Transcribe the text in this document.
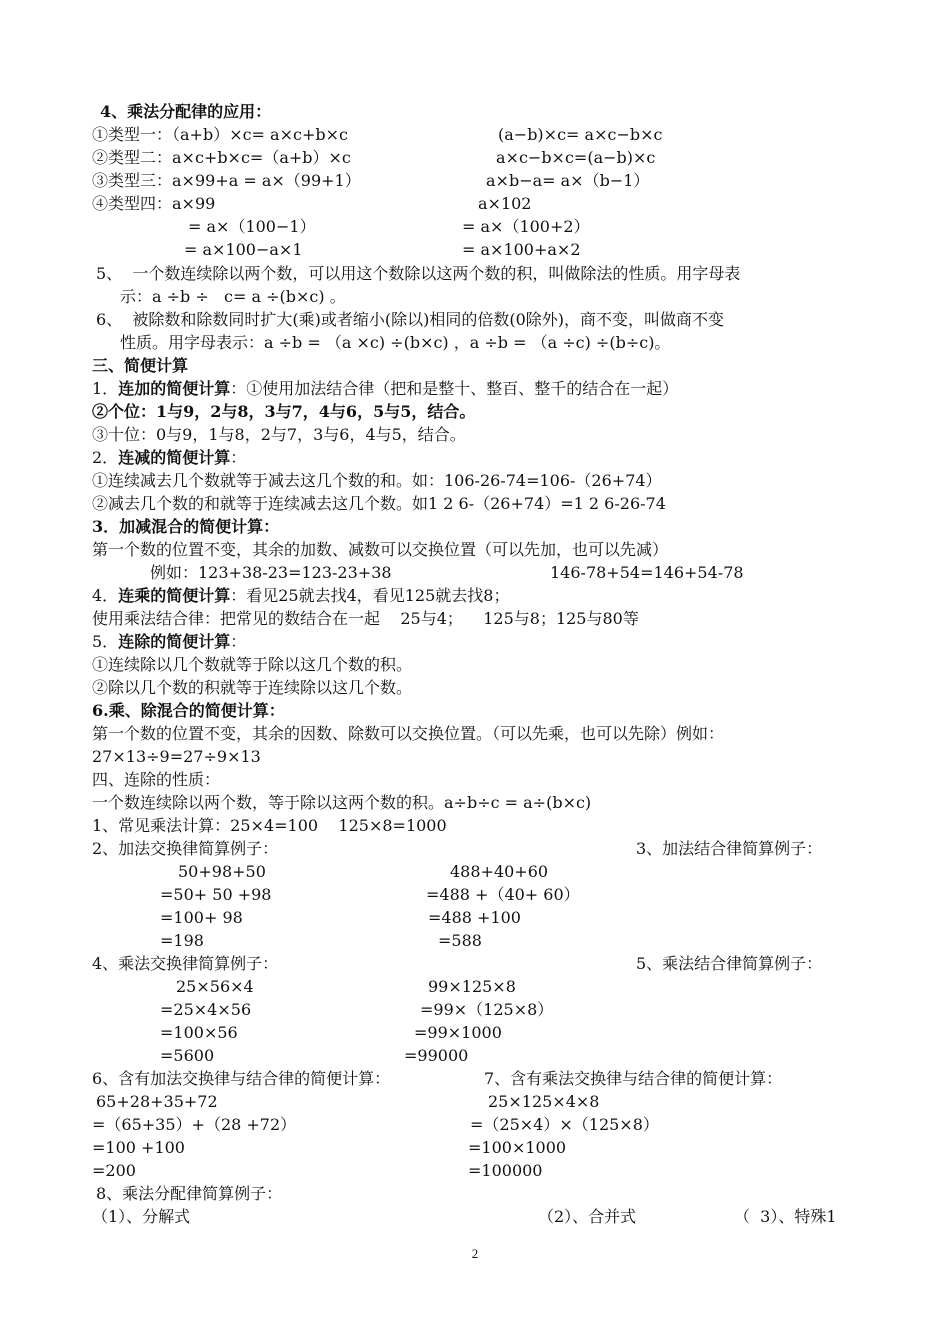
4、乘法分配律的应用：
①类型一：（a+b）×c= a×c+b×c	(a−b)×c= a×c−b×c
②类型二：a×c+b×c=（a+b）×c	a×c−b×c=(a−b)×c
③类型三：a×99+a = a×（99+1）	a×b−a= a×（b−1）
④类型四：a×99	a×102
= a×（100−1）	= a×（100+2）
= a×100−a×1	= a×100+a×2
5、  一个数连续除以两个数，可以用这个数除以这两个数的积，叫做除法的性质。用字母表
示：a ÷b ÷   c= a ÷(b×c) 。
6、  被除数和除数同时扩大(乘)或者缩小(除以)相同的倍数(0除外)，商不变，叫做商不变
性质。用字母表示：a ÷b = （a ×c) ÷(b×c) ，a ÷b = （a ÷c) ÷(b÷c)。
三、简便计算
1．连加的简便计算：①使用加法结合律（把和是整十、整百、整千的结合在一起）
②个位：1与9，2与8，3与7，4与6，5与5，结合。
③十位：0与9，1与8，2与7，3与6，4与5，结合。
2．连减的简便计算：
①连续减去几个数就等于减去这几个数的和。如：106-26-74=106-（26+74）
②减去几个数的和就等于连续减去这几个数。如1 2 6-（26+74）=1 2 6-26-74
3．加减混合的简便计算：
第一个数的位置不变，其余的加数、减数可以交换位置（可以先加，也可以先减）
例如：123+38-23=123-23+38	146-78+54=146+54-78
4．连乘的简便计算：看见25就去找4，看见125就去找8；
使用乘法结合律：把常见的数结合在一起    25与4；    125与8；125与80等
5．连除的简便计算：
①连续除以几个数就等于除以这几个数的积。
②除以几个数的积就等于连续除以这几个数。
6.乘、除混合的简便计算：
第一个数的位置不变，其余的因数、除数可以交换位置。（可以先乘，也可以先除）例如：
27×13÷9=27÷9×13
四、连除的性质：
一个数连续除以两个数，等于除以这两个数的积。a÷b÷c = a÷(b×c)
1、常见乘法计算：25×4=100    125×8=1000
2、加法交换律简算例子：	3、加法结合律简算例子：
50+98+50	488+40+60
=50+ 50 +98	=488 +（40+ 60）
=100+ 98	=488 +100
=198	=588
4、乘法交换律简算例子：	5、乘法结合律简算例子：
25×56×4	99×125×8
=25×4×56	=99×（125×8）
=100×56	=99×1000
=5600	=99000
6、含有加法交换律与结合律的简便计算：	7、含有乘法交换律与结合律的简便计算：
65+28+35+72	25×125×4×8
=（65+35）+（28 +72）	=（25×4）×（125×8）
=100 +100	=100×1000
=200	=100000
8、乘法分配律简算例子：
（1）、分解式	（2）、合并式	（  3）、特殊1
2
